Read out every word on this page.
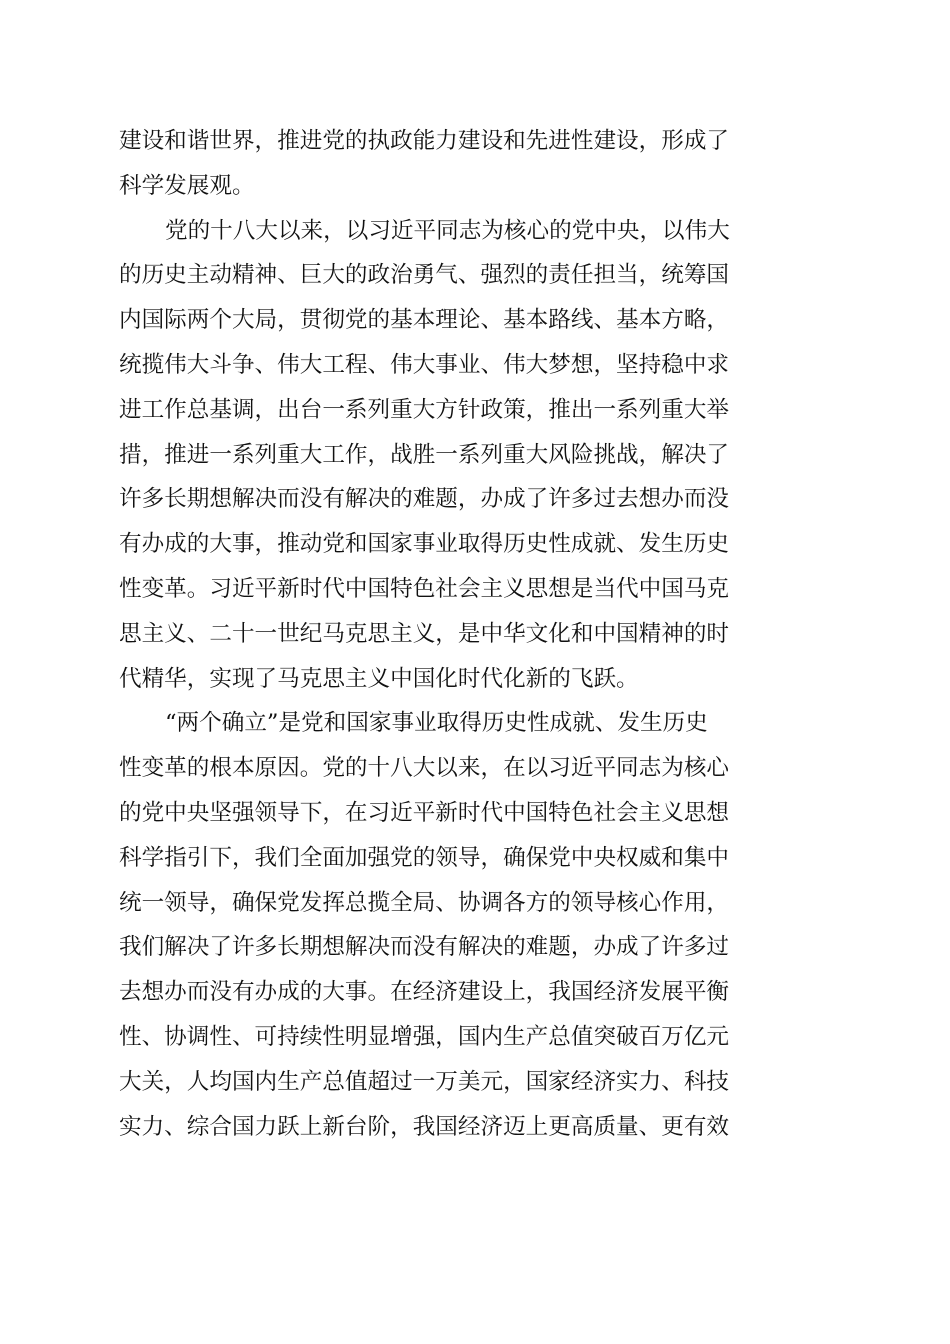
建设和谐世界，推进党的执政能力建设和先进性建设，形成了
科学发展观。
党的十八大以来，以习近平同志为核心的党中央，以伟大
的历史主动精神、巨大的政治勇气、强烈的责任担当，统筹国
内国际两个大局，贯彻党的基本理论、基本路线、基本方略，
统揽伟大斗争、伟大工程、伟大事业、伟大梦想，坚持稳中求
进工作总基调，出台一系列重大方针政策，推出一系列重大举
措，推进一系列重大工作，战胜一系列重大风险挑战，解决了
许多长期想解决而没有解决的难题，办成了许多过去想办而没
有办成的大事，推动党和国家事业取得历史性成就、发生历史
性变革。习近平新时代中国特色社会主义思想是当代中国马克
思主义、二十一世纪马克思主义，是中华文化和中国精神的时
代精华，实现了马克思主义中国化时代化新的飞跃。
“两个确立”是党和国家事业取得历史性成就、发生历史
性变革的根本原因。党的十八大以来，在以习近平同志为核心
的党中央坚强领导下，在习近平新时代中国特色社会主义思想
科学指引下，我们全面加强党的领导，确保党中央权威和集中
统一领导，确保党发挥总揽全局、协调各方的领导核心作用，
我们解决了许多长期想解决而没有解决的难题，办成了许多过
去想办而没有办成的大事。在经济建设上，我国经济发展平衡
性、协调性、可持续性明显增强，国内生产总值突破百万亿元
大关，人均国内生产总值超过一万美元，国家经济实力、科技
实力、综合国力跃上新台阶，我国经济迈上更高质量、更有效
